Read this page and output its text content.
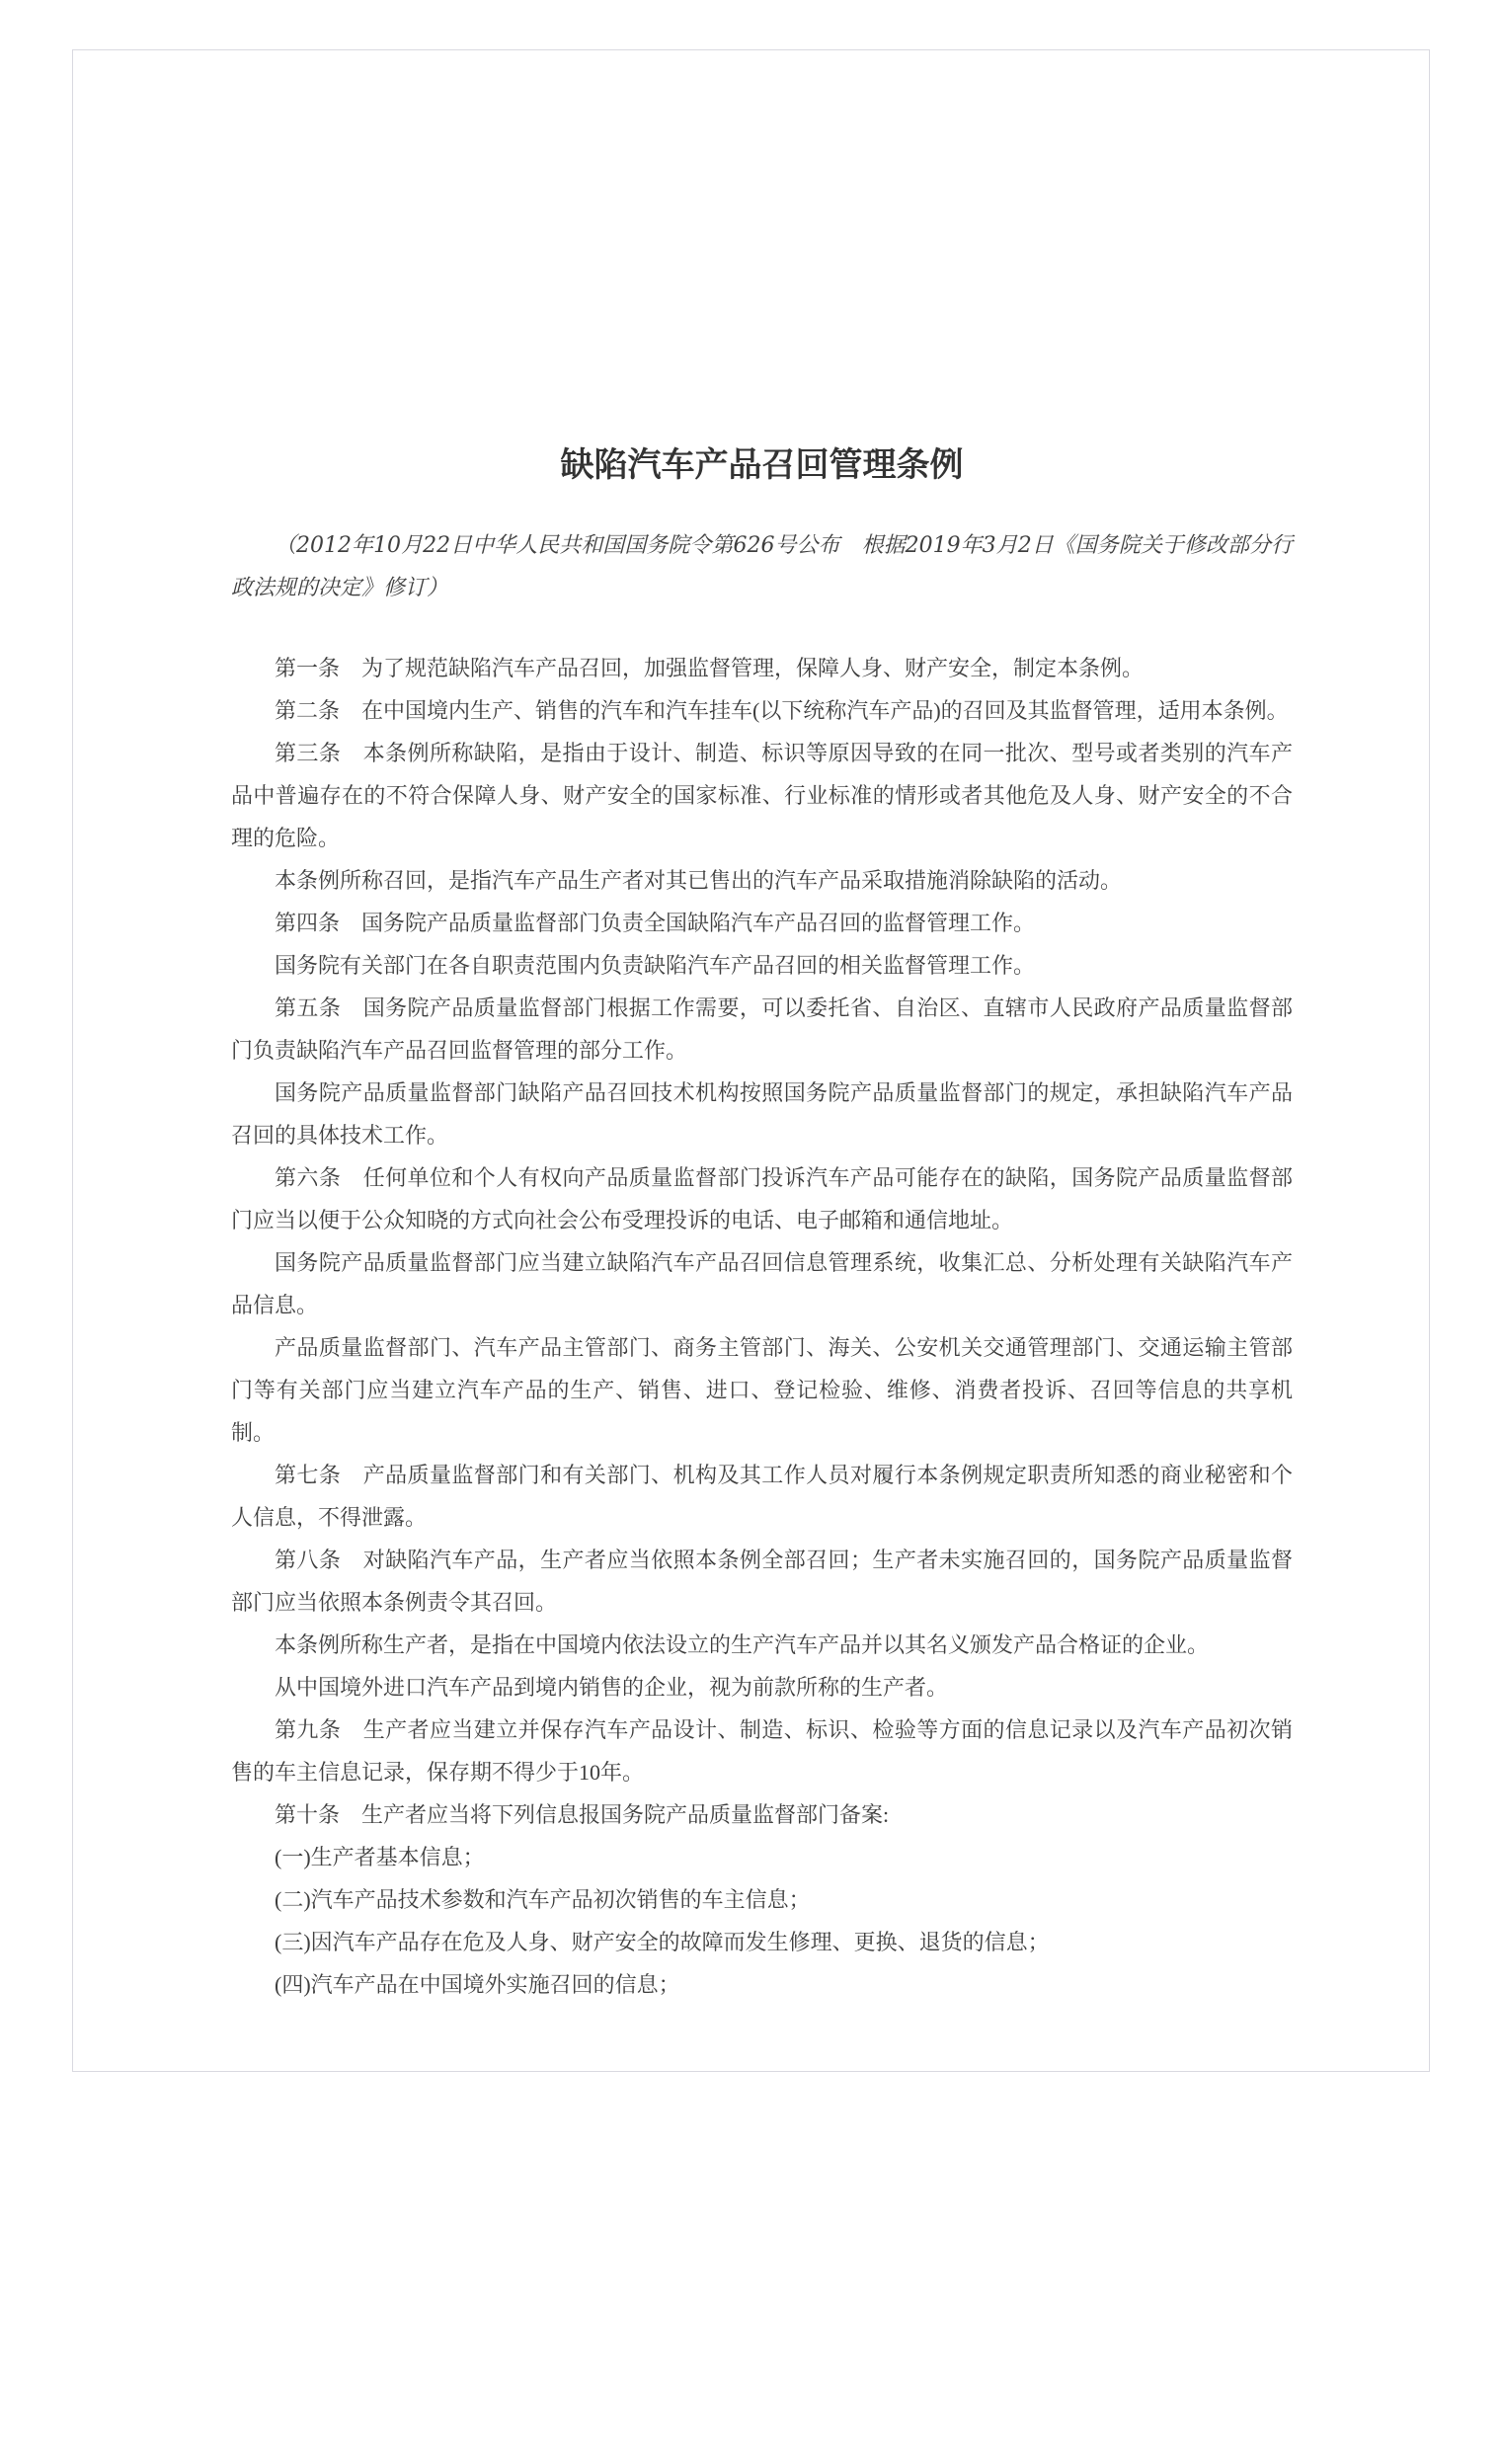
缺陷汽车产品召回管理条例

（2012年10月22日中华人民共和国国务院令第626号公布　根据2019年3月2日《国务院关于修改部分行政法规的决定》修订）

第一条　为了规范缺陷汽车产品召回，加强监督管理，保障人身、财产安全，制定本条例。

第二条　在中国境内生产、销售的汽车和汽车挂车(以下统称汽车产品)的召回及其监督管理，适用本条例。

第三条　本条例所称缺陷，是指由于设计、制造、标识等原因导致的在同一批次、型号或者类别的汽车产品中普遍存在的不符合保障人身、财产安全的国家标准、行业标准的情形或者其他危及人身、财产安全的不合理的危险。

本条例所称召回，是指汽车产品生产者对其已售出的汽车产品采取措施消除缺陷的活动。

第四条　国务院产品质量监督部门负责全国缺陷汽车产品召回的监督管理工作。

国务院有关部门在各自职责范围内负责缺陷汽车产品召回的相关监督管理工作。

第五条　国务院产品质量监督部门根据工作需要，可以委托省、自治区、直辖市人民政府产品质量监督部门负责缺陷汽车产品召回监督管理的部分工作。

国务院产品质量监督部门缺陷产品召回技术机构按照国务院产品质量监督部门的规定，承担缺陷汽车产品召回的具体技术工作。

第六条　任何单位和个人有权向产品质量监督部门投诉汽车产品可能存在的缺陷，国务院产品质量监督部门应当以便于公众知晓的方式向社会公布受理投诉的电话、电子邮箱和通信地址。

国务院产品质量监督部门应当建立缺陷汽车产品召回信息管理系统，收集汇总、分析处理有关缺陷汽车产品信息。

产品质量监督部门、汽车产品主管部门、商务主管部门、海关、公安机关交通管理部门、交通运输主管部门等有关部门应当建立汽车产品的生产、销售、进口、登记检验、维修、消费者投诉、召回等信息的共享机制。

第七条　产品质量监督部门和有关部门、机构及其工作人员对履行本条例规定职责所知悉的商业秘密和个人信息，不得泄露。

第八条　对缺陷汽车产品，生产者应当依照本条例全部召回；生产者未实施召回的，国务院产品质量监督部门应当依照本条例责令其召回。

本条例所称生产者，是指在中国境内依法设立的生产汽车产品并以其名义颁发产品合格证的企业。

从中国境外进口汽车产品到境内销售的企业，视为前款所称的生产者。

第九条　生产者应当建立并保存汽车产品设计、制造、标识、检验等方面的信息记录以及汽车产品初次销售的车主信息记录，保存期不得少于10年。

第十条　生产者应当将下列信息报国务院产品质量监督部门备案:

(一)生产者基本信息；

(二)汽车产品技术参数和汽车产品初次销售的车主信息；

(三)因汽车产品存在危及人身、财产安全的故障而发生修理、更换、退货的信息；

(四)汽车产品在中国境外实施召回的信息；
